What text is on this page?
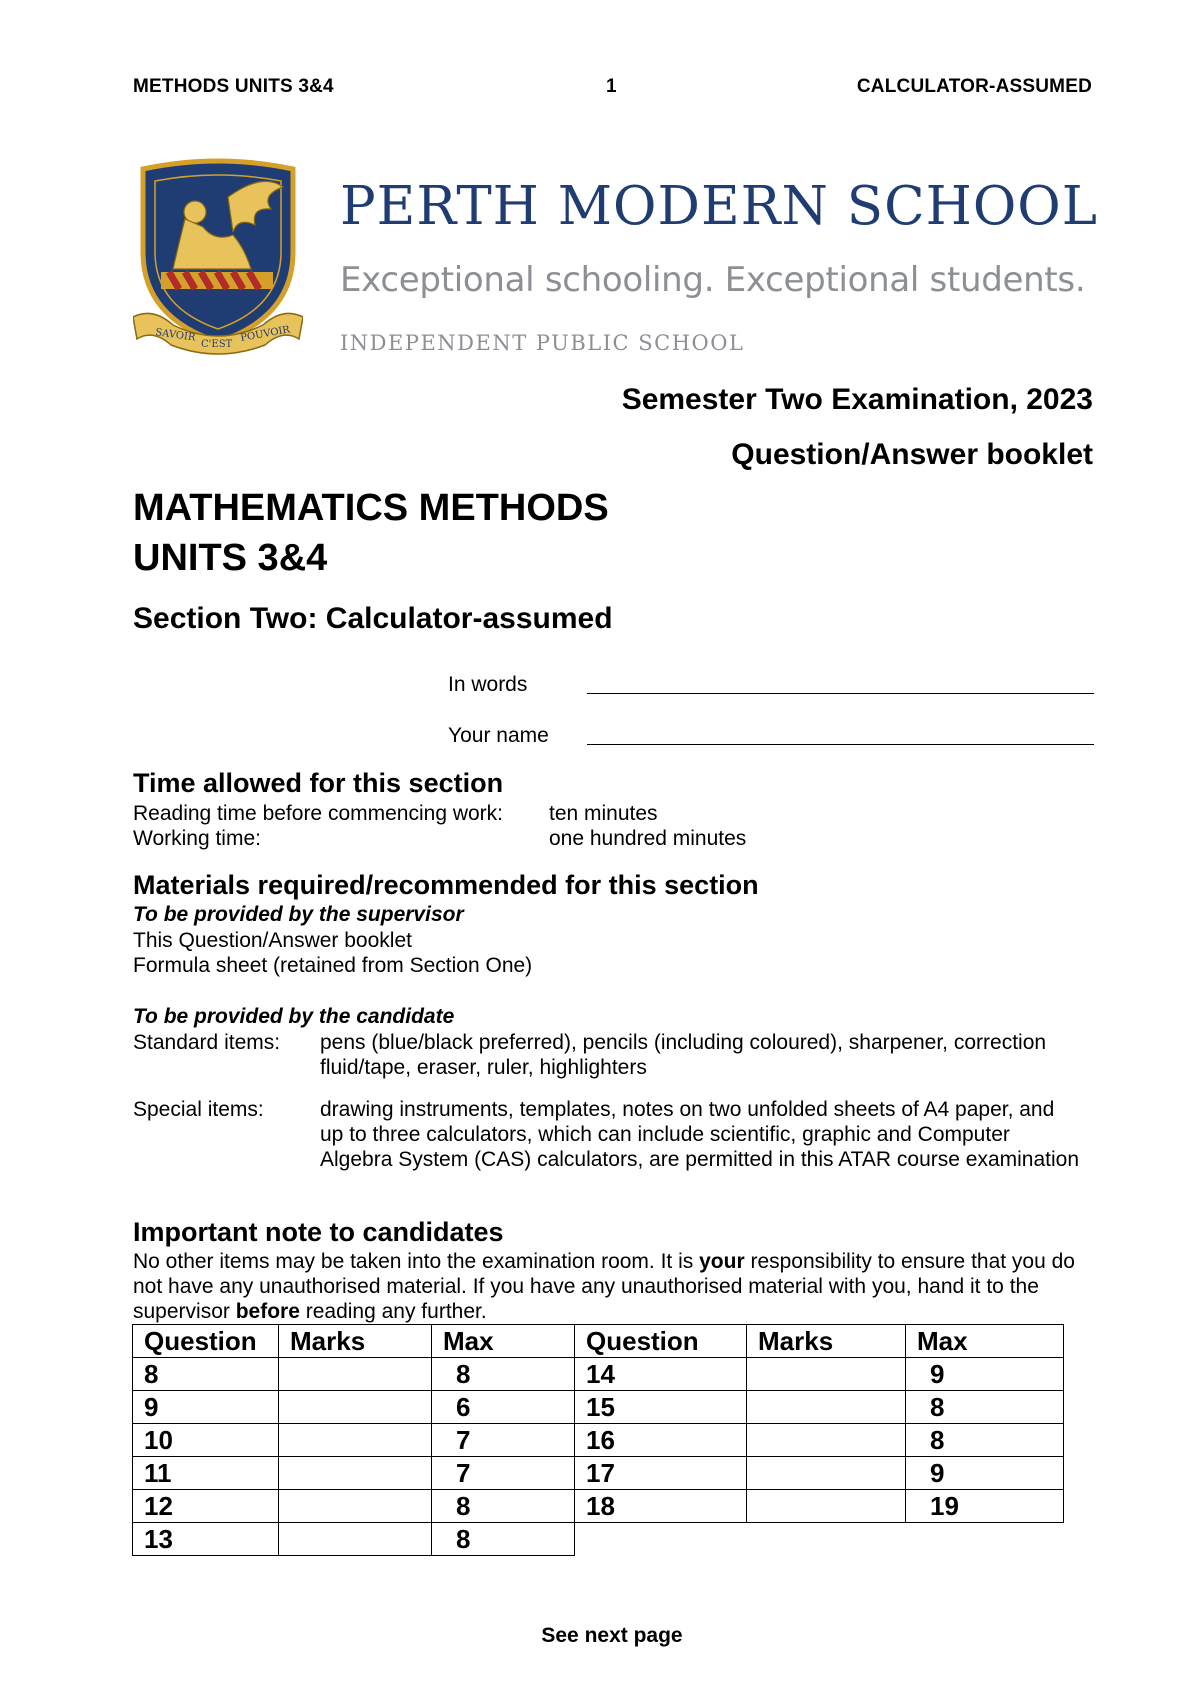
METHODS UNITS 3&4	1	CALCULATOR-ASSUMED
SAVOIR
C'EST
POUVOIR
PERTH MODERN SCHOOL
Exceptional schooling. Exceptional students.
INDEPENDENT PUBLIC SCHOOL
Semester Two Examination, 2023
Question/Answer booklet
MATHEMATICS METHODS
UNITS 3&4
Section Two: Calculator-assumed
In words
Your name
Time allowed for this section
Reading time before commencing work: ten minutes
Working time:	one hundred minutes
Materials required/recommended for this section
To be provided by the supervisor
This Question/Answer booklet
Formula sheet (retained from Section One)
To be provided by the candidate
Standard items: pens (blue/black preferred), pencils (including coloured), sharpener, correction fluid/tape, eraser, ruler, highlighters
Special items:	drawing instruments, templates, notes on two unfolded sheets of A4 paper, and up to three calculators, which can include scientific, graphic and Computer Algebra System (CAS) calculators, are permitted in this ATAR course examination
Important note to candidates
No other items may be taken into the examination room. It is your responsibility to ensure that you do not have any unauthorised material. If you have any unauthorised material with you, hand it to the supervisor before reading any further.
Question	Marks	Max	Question	Marks	Max
8		8	14		9
9		6	15		8
10		7	16		8
11		7	17		9
12		8	18		19
13		8			
See next page
